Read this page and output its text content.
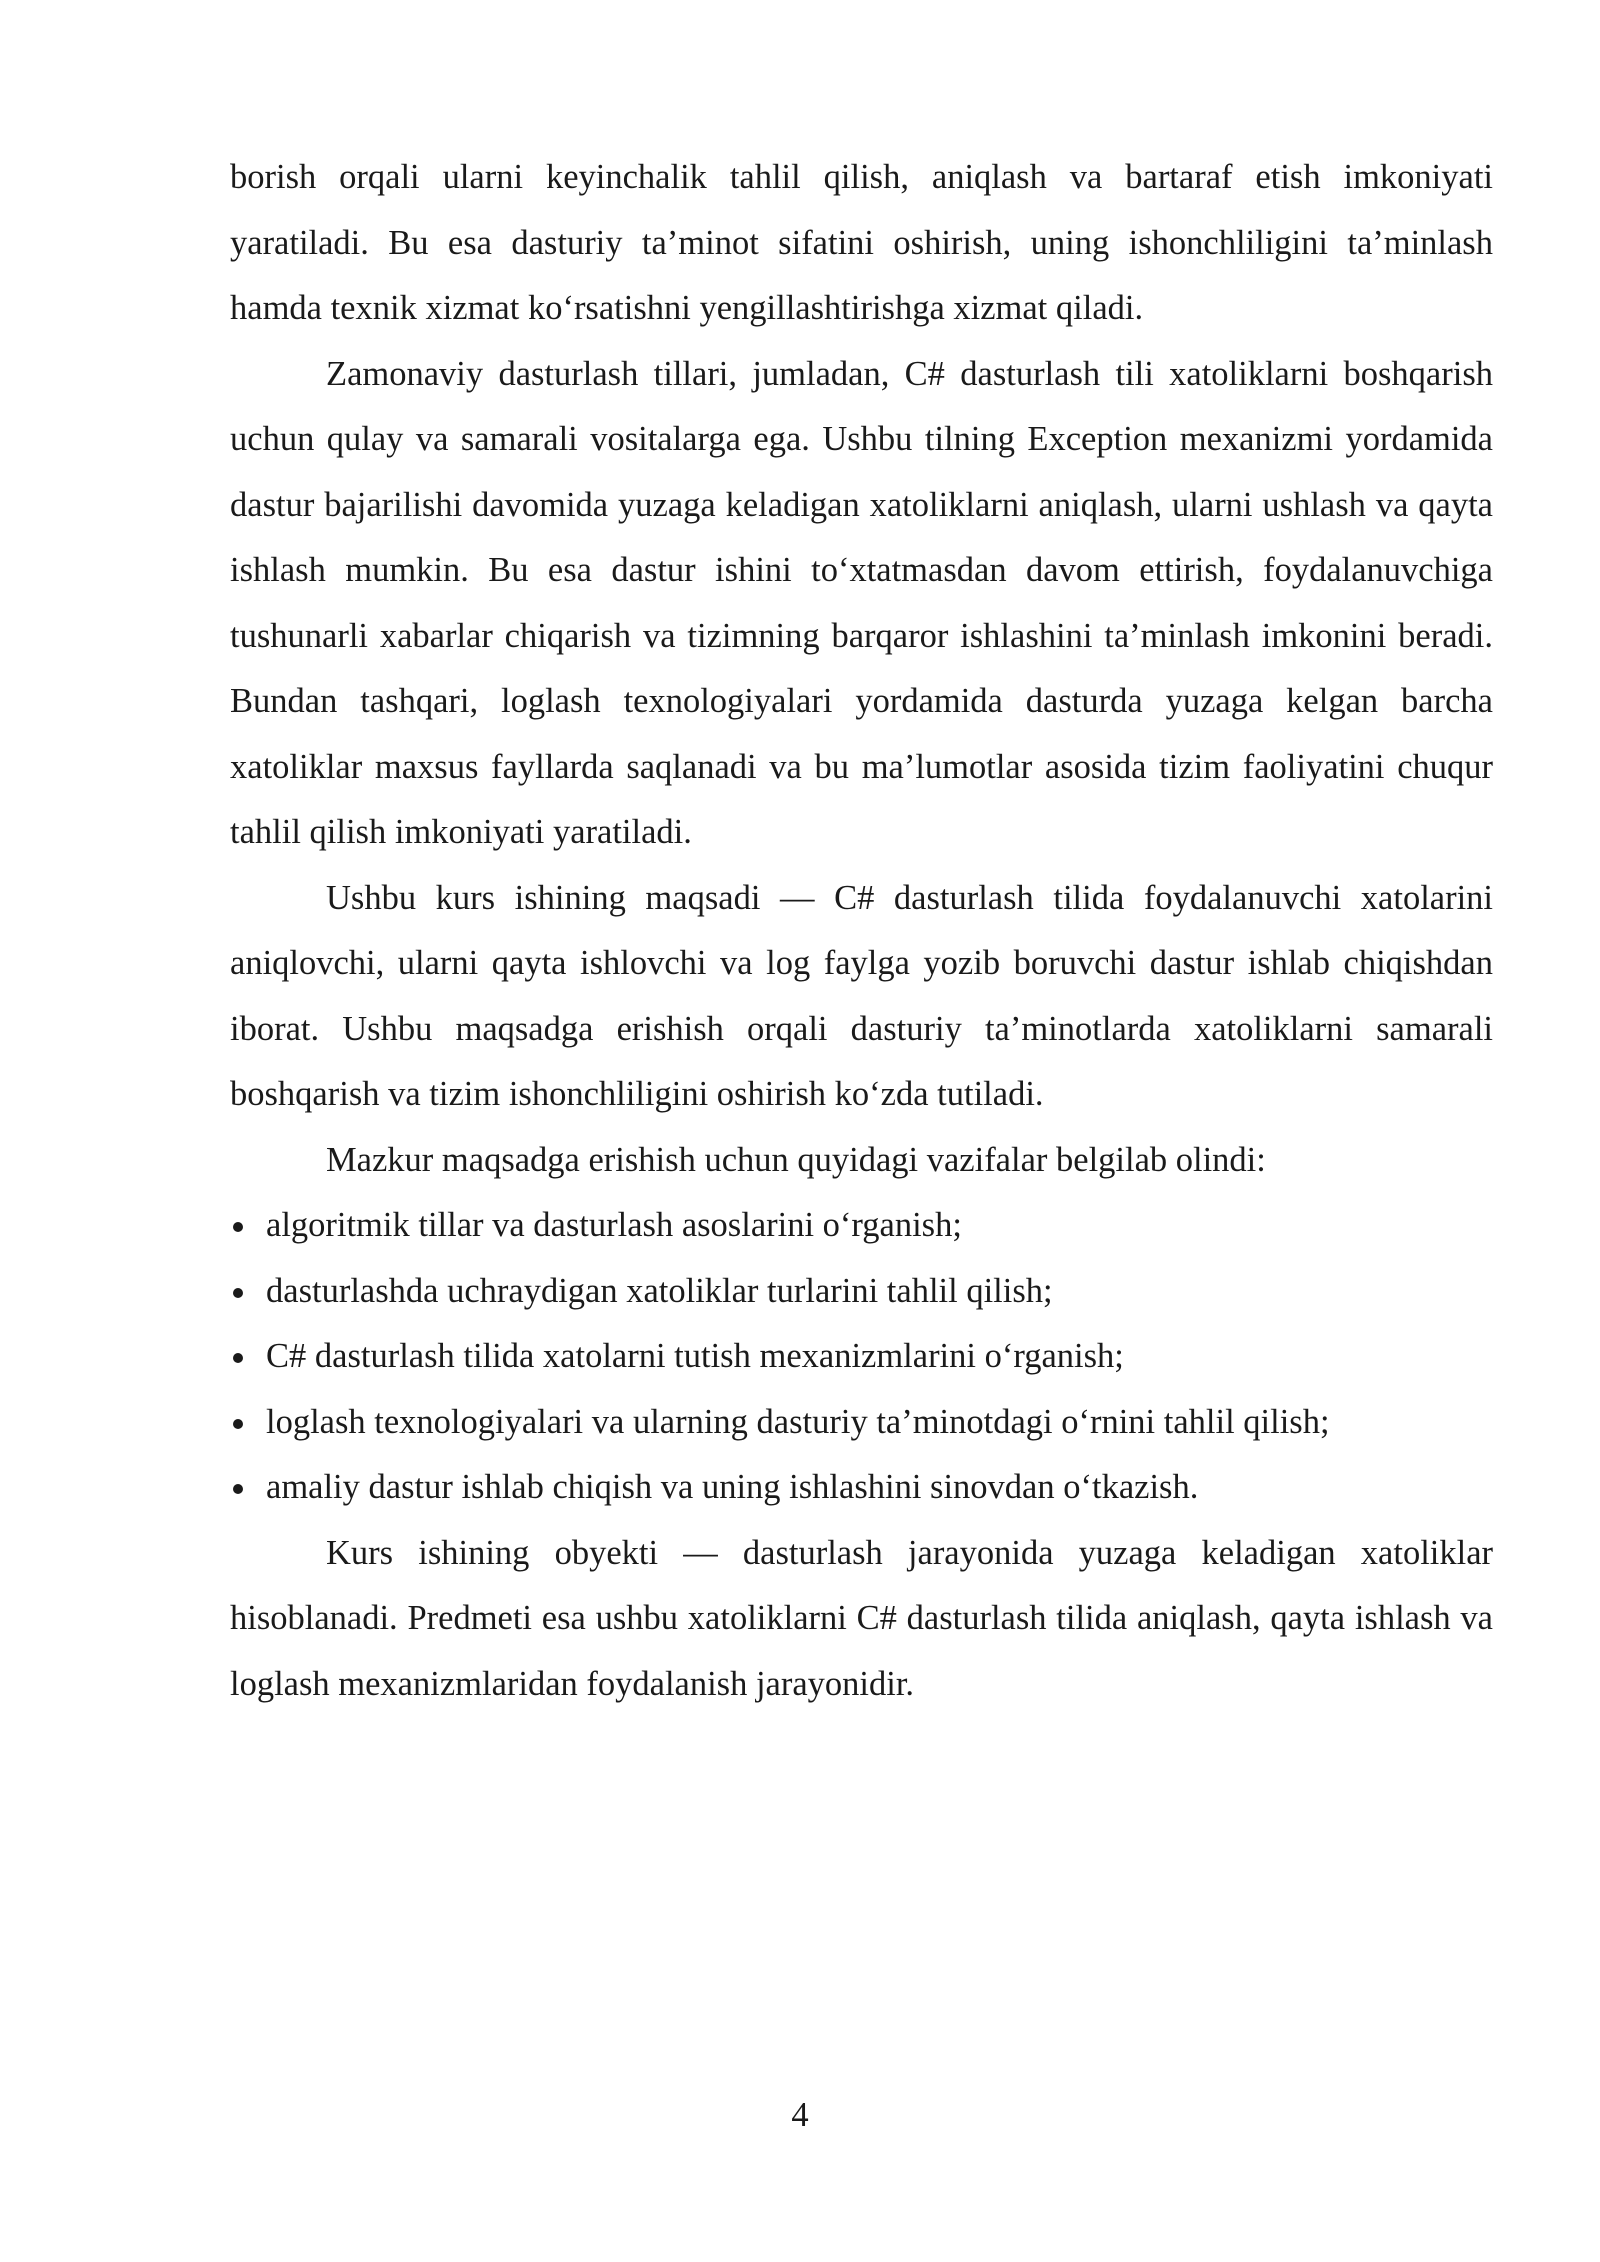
borish orqali ularni keyinchalik tahlil qilish, aniqlash va bartaraf etish imkoniyati yaratiladi. Bu esa dasturiy ta’minot sifatini oshirish, uning ishonchliligini ta’minlash hamda texnik xizmat ko‘rsatishni yengillashtirishga xizmat qiladi.

Zamonaviy dasturlash tillari, jumladan, C# dasturlash tili xatoliklarni boshqarish uchun qulay va samarali vositalarga ega. Ushbu tilning Exception mexanizmi yordamida dastur bajarilishi davomida yuzaga keladigan xatoliklarni aniqlash, ularni ushlash va qayta ishlash mumkin. Bu esa dastur ishini to‘xtatmasdan davom ettirish, foydalanuvchiga tushunarli xabarlar chiqarish va tizimning barqaror ishlashini ta’minlash imkonini beradi. Bundan tashqari, loglash texnologiyalari yordamida dasturda yuzaga kelgan barcha xatoliklar maxsus fayllarda saqlanadi va bu ma’lumotlar asosida tizim faoliyatini chuqur tahlil qilish imkoniyati yaratiladi.

Ushbu kurs ishining maqsadi — C# dasturlash tilida foydalanuvchi xatolarini aniqlovchi, ularni qayta ishlovchi va log faylga yozib boruvchi dastur ishlab chiqishdan iborat. Ushbu maqsadga erishish orqali dasturiy ta’minotlarda xatoliklarni samarali boshqarish va tizim ishonchliligini oshirish ko‘zda tutiladi.

Mazkur maqsadga erishish uchun quyidagi vazifalar belgilab olindi:

algoritmik tillar va dasturlash asoslarini o‘rganish;
dasturlashda uchraydigan xatoliklar turlarini tahlil qilish;
C# dasturlash tilida xatolarni tutish mexanizmlarini o‘rganish;
loglash texnologiyalari va ularning dasturiy ta’minotdagi o‘rnini tahlil qilish;
amaliy dastur ishlab chiqish va uning ishlashini sinovdan o‘tkazish.

Kurs ishining obyekti — dasturlash jarayonida yuzaga keladigan xatoliklar hisoblanadi. Predmeti esa ushbu xatoliklarni C# dasturlash tilida aniqlash, qayta ishlash va loglash mexanizmlaridan foydalanish jarayonidir.

4
